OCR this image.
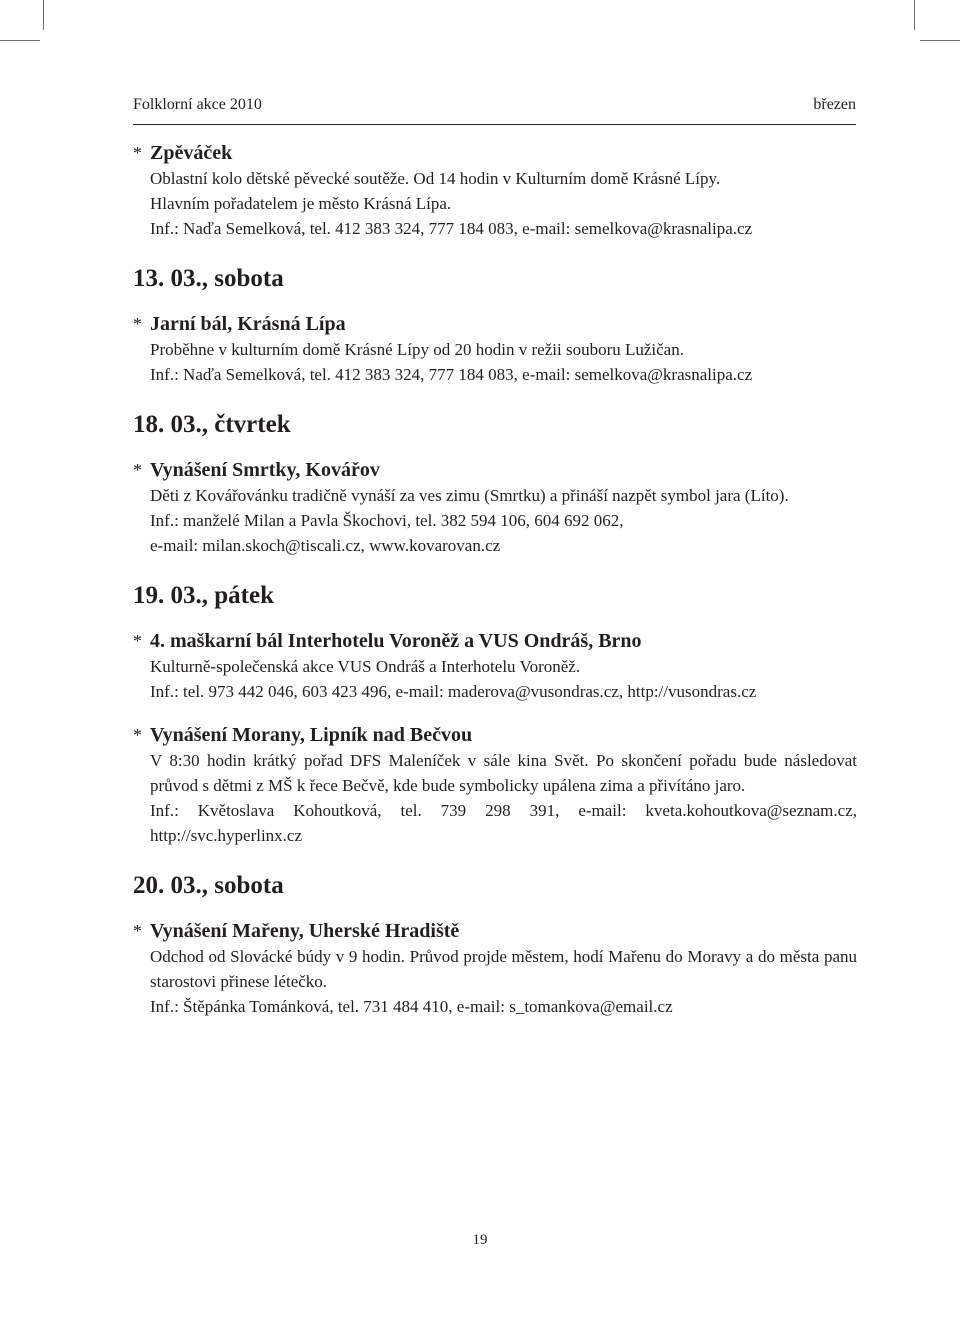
Folklorní akce 2010	březen
* Zpěváček
Oblastní kolo dětské pěvecké soutěže. Od 14 hodin v Kulturním domě Krásné Lípy.
Hlavním pořadatelem je město Krásná Lípa.
Inf.: Naďa Semelková, tel. 412 383 324, 777 184 083, e-mail: semelkova@krasnalipa.cz
13. 03., sobota
* Jarní bál, Krásná Lípa
Proběhne v kulturním domě Krásné Lípy od 20 hodin v režii souboru Lužičan.
Inf.: Naďa Semelková, tel. 412 383 324, 777 184 083, e-mail: semelkova@krasnalipa.cz
18. 03., čtvrtek
* Vynášení Smrtky, Kovářov
Děti z Kovářovánku tradičně vynáší za ves zimu (Smrtku) a přináší nazpět symbol jara (Líto).
Inf.: manželé Milan a Pavla Škochovi, tel. 382 594 106, 604 692 062,
e-mail: milan.skoch@tiscali.cz, www.kovarovan.cz
19. 03., pátek
* 4. maškarní bál Interhotelu Voroněž a VUS Ondráš, Brno
Kulturně-společenská akce VUS Ondráš a Interhotelu Voroněž.
Inf.: tel. 973 442 046, 603 423 496, e-mail: maderova@vusondras.cz, http://vusondras.cz
* Vynášení Morany, Lipník nad Bečvou
V 8:30 hodin krátký pořad DFS Maleníček v sále kina Svět. Po skončení pořadu bude následovat průvod s dětmi z MŠ k řece Bečvě, kde bude symbolicky upálena zima a přivítáno jaro.
Inf.: Květoslava Kohoutková, tel. 739 298 391, e-mail: kveta.kohoutkova@seznam.cz, http://svc.hyperlinx.cz
20. 03., sobota
* Vynášení Mařeny, Uherské Hradiště
Odchod od Slovácké búdy v 9 hodin. Průvod projde městem, hodí Mařenu do Moravy a do města panu starostovi přinese létečko.
Inf.: Štěpánka Tománková, tel. 731 484 410, e-mail: s_tomankova@email.cz
19
